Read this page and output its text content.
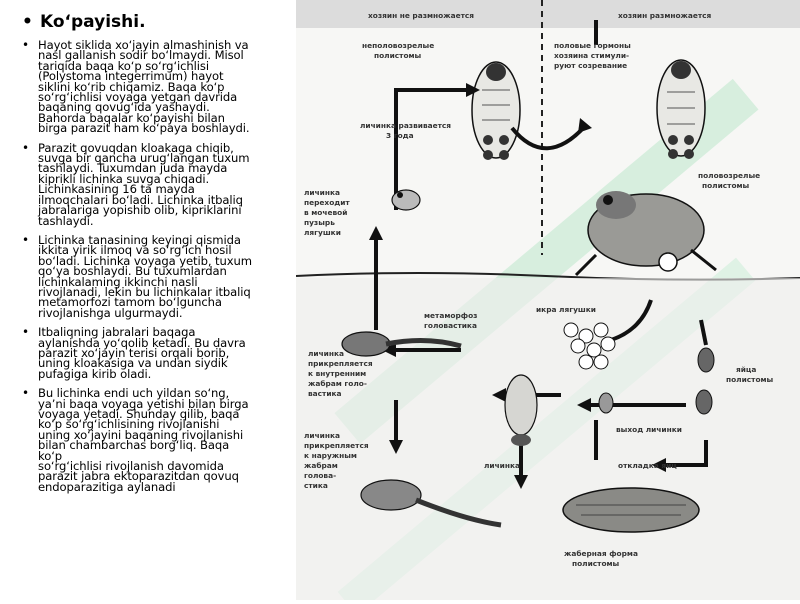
• Ko‘payishi.
• Hayot siklida xo‘jayin almashinish va
nasl gallanish sodir bo‘lmaydi. Misol
tariqida baqa ko‘p so‘rg‘ichlisi
(Polystoma integerrimum) hayot
siklini ko‘rib chiqamiz. Baqa ko‘p
so‘rg‘ichlisi voyaga yetgan davrida
baqaning qovug‘ida yashaydi.
Bahorda baqalar ko‘payishi bilan
birga parazit ham ko‘paya boshlaydi.
• Parazit qovuqdan kloakaga chiqib,
suvga bir qancha urug‘langan tuxum
tashlaydi. Tuxumdan juda mayda
kiprikli lichinka suvga chiqadi.
Lichinkasining 16 ta mayda
ilmoqchalari bo‘ladi. Lichinka itbaliq
jabralariga yopishib olib, kipriklarini
tashlaydi.
• Lichinka tanasining keyingi qismida
ikkita yirik ilmoq va so‘rg‘ich hosil
bo‘ladi. Lichinka voyaga yetib, tuxum
qo‘ya boshlaydi. Bu tuxumlardan
lichinkalaming ikkinchi nasli
rivojlanadi, lekin bu lichinkalar itbaliq
metamorfozi tamom bo‘lguncha
rivojlanishga ulgurmaydi.
• Itbaliqning jabralari baqaga
aylanishda yo‘qolib ketadi. Bu davra
parazit xo‘jayin terisi orqali borib,
uning kloakasiga va undan siydik
pufagiga kirib oladi.
• Bu lichinka endi uch yildan so‘ng,
ya’ni baqa voyaga yetishi bilan birga
voyaga yetadi. Shunday qilib, baqa
ko‘p so‘rg‘ichlisining rivojlanishi
uning xo‘jayini baqaning rivojlanishi
bilan chambarchas borg‘liq. Baqa
ko‘p
so‘rg‘ichlisi rivojlanish davomida
parazit jabra ektoparazitdan qovuq
endoparazitiga aylanadi
хозяин не размножается	хозяин размножается
неполовозрелые
полистомы
половые гормоны
хозяина стимули-
руют созревание
личинка развивается
3 года
половозрелые
полистомы
личинка
переходит
в мочевой
пузырь
лягушки
метаморфоз
головастика
икра лягушки
личинка
прикрепляется
к внутренним
жабрам голо-
вастика
яйца
полистомы
выход личинки
личинка
прикрепляется
к наружным
жабрам
голова-
стика
личинка	откладка яиц
жаберная форма
полистомы
